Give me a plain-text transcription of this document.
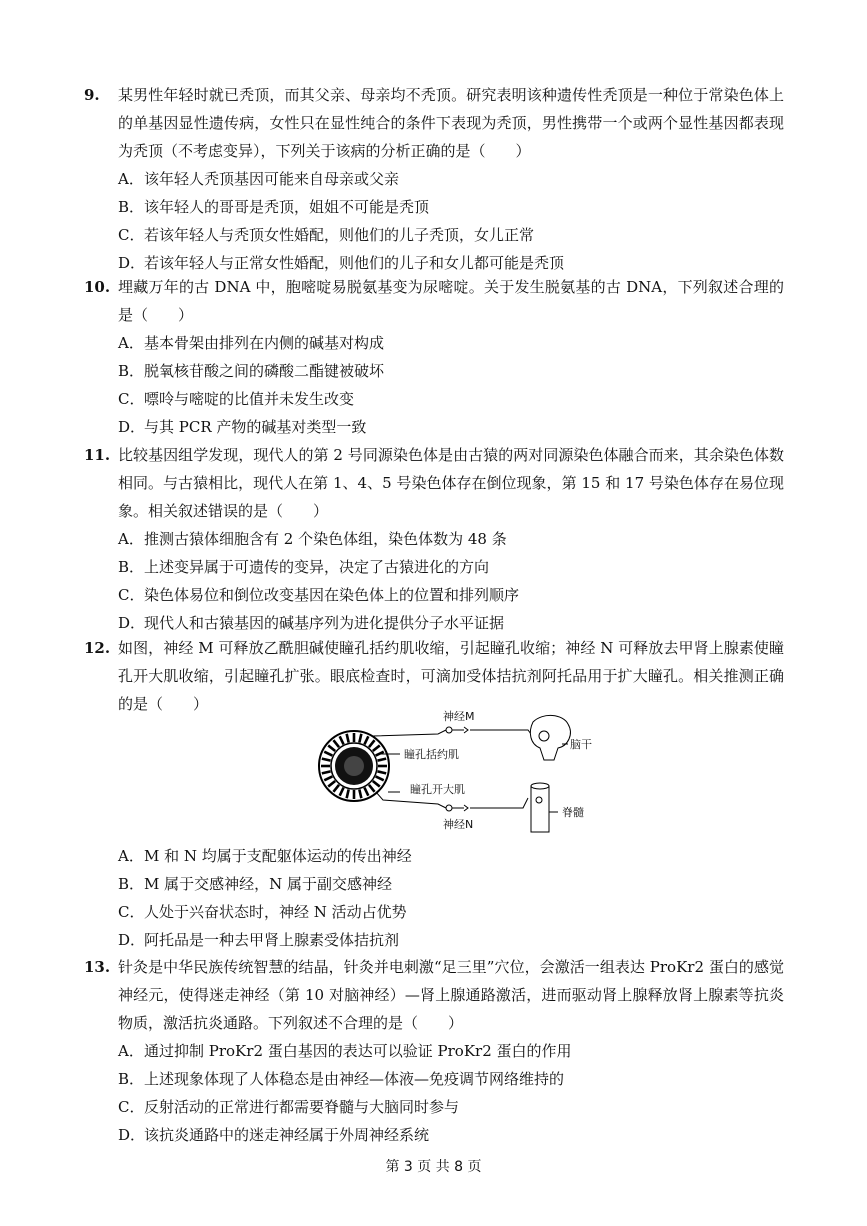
9. 某男性年轻时就已秃顶，而其父亲、母亲均不秃顶。研究表明该种遗传性秃顶是一种位于常染色体上的单基因显性遗传病，女性只在显性纯合的条件下表现为秃顶，男性携带一个或两个显性基因都表现为秃顶（不考虑变异），下列关于该病的分析正确的是（　　）
A．该年轻人秃顶基因可能来自母亲或父亲
B．该年轻人的哥哥是秃顶，姐姐不可能是秃顶
C．若该年轻人与秃顶女性婚配，则他们的儿子秃顶，女儿正常
D．若该年轻人与正常女性婚配，则他们的儿子和女儿都可能是秃顶
10. 埋藏万年的古 DNA 中，胞嘧啶易脱氨基变为尿嘧啶。关于发生脱氨基的古 DNA，下列叙述合理的是（　　）
A．基本骨架由排列在内侧的碱基对构成
B．脱氧核苷酸之间的磷酸二酯键被破坏
C．嘌呤与嘧啶的比值并未发生改变
D．与其 PCR 产物的碱基对类型一致
11. 比较基因组学发现，现代人的第 2 号同源染色体是由古猿的两对同源染色体融合而来，其余染色体数相同。与古猿相比，现代人在第 1、4、5 号染色体存在倒位现象，第 15 和 17 号染色体存在易位现象。相关叙述错误的是（　　）
A．推测古猿体细胞含有 2 个染色体组，染色体数为 48 条
B．上述变异属于可遗传的变异，决定了古猿进化的方向
C．染色体易位和倒位改变基因在染色体上的位置和排列顺序
D．现代人和古猿基因的碱基序列为进化提供分子水平证据
12. 如图，神经 M 可释放乙酰胆碱使瞳孔括约肌收缩，引起瞳孔收缩；神经 N 可释放去甲肾上腺素使瞳孔开大肌收缩，引起瞳孔扩张。眼底检查时，可滴加受体拮抗剂阿托品用于扩大瞳孔。相关推测正确的是（　　）
A．M 和 N 均属于支配躯体运动的传出神经
B．M 属于交感神经，N 属于副交感神经
C．人处于兴奋状态时，神经 N 活动占优势
D．阿托品是一种去甲肾上腺素受体拮抗剂
瞳孔括约肌
瞳孔开大肌
神经M
脑干
神经N
脊髓
13. 针灸是中华民族传统智慧的结晶，针灸并电刺激“足三里”穴位，会激活一组表达 ProKr2 蛋白的感觉神经元，使得迷走神经（第 10 对脑神经）—肾上腺通路激活，进而驱动肾上腺释放肾上腺素等抗炎物质，激活抗炎通路。下列叙述不合理的是（　　）
A．通过抑制 ProKr2 蛋白基因的表达可以验证 ProKr2 蛋白的作用
B．上述现象体现了人体稳态是由神经—体液—免疫调节网络维持的
C．反射活动的正常进行都需要脊髓与大脑同时参与
D．该抗炎通路中的迷走神经属于外周神经系统
第 3 页 共 8 页
